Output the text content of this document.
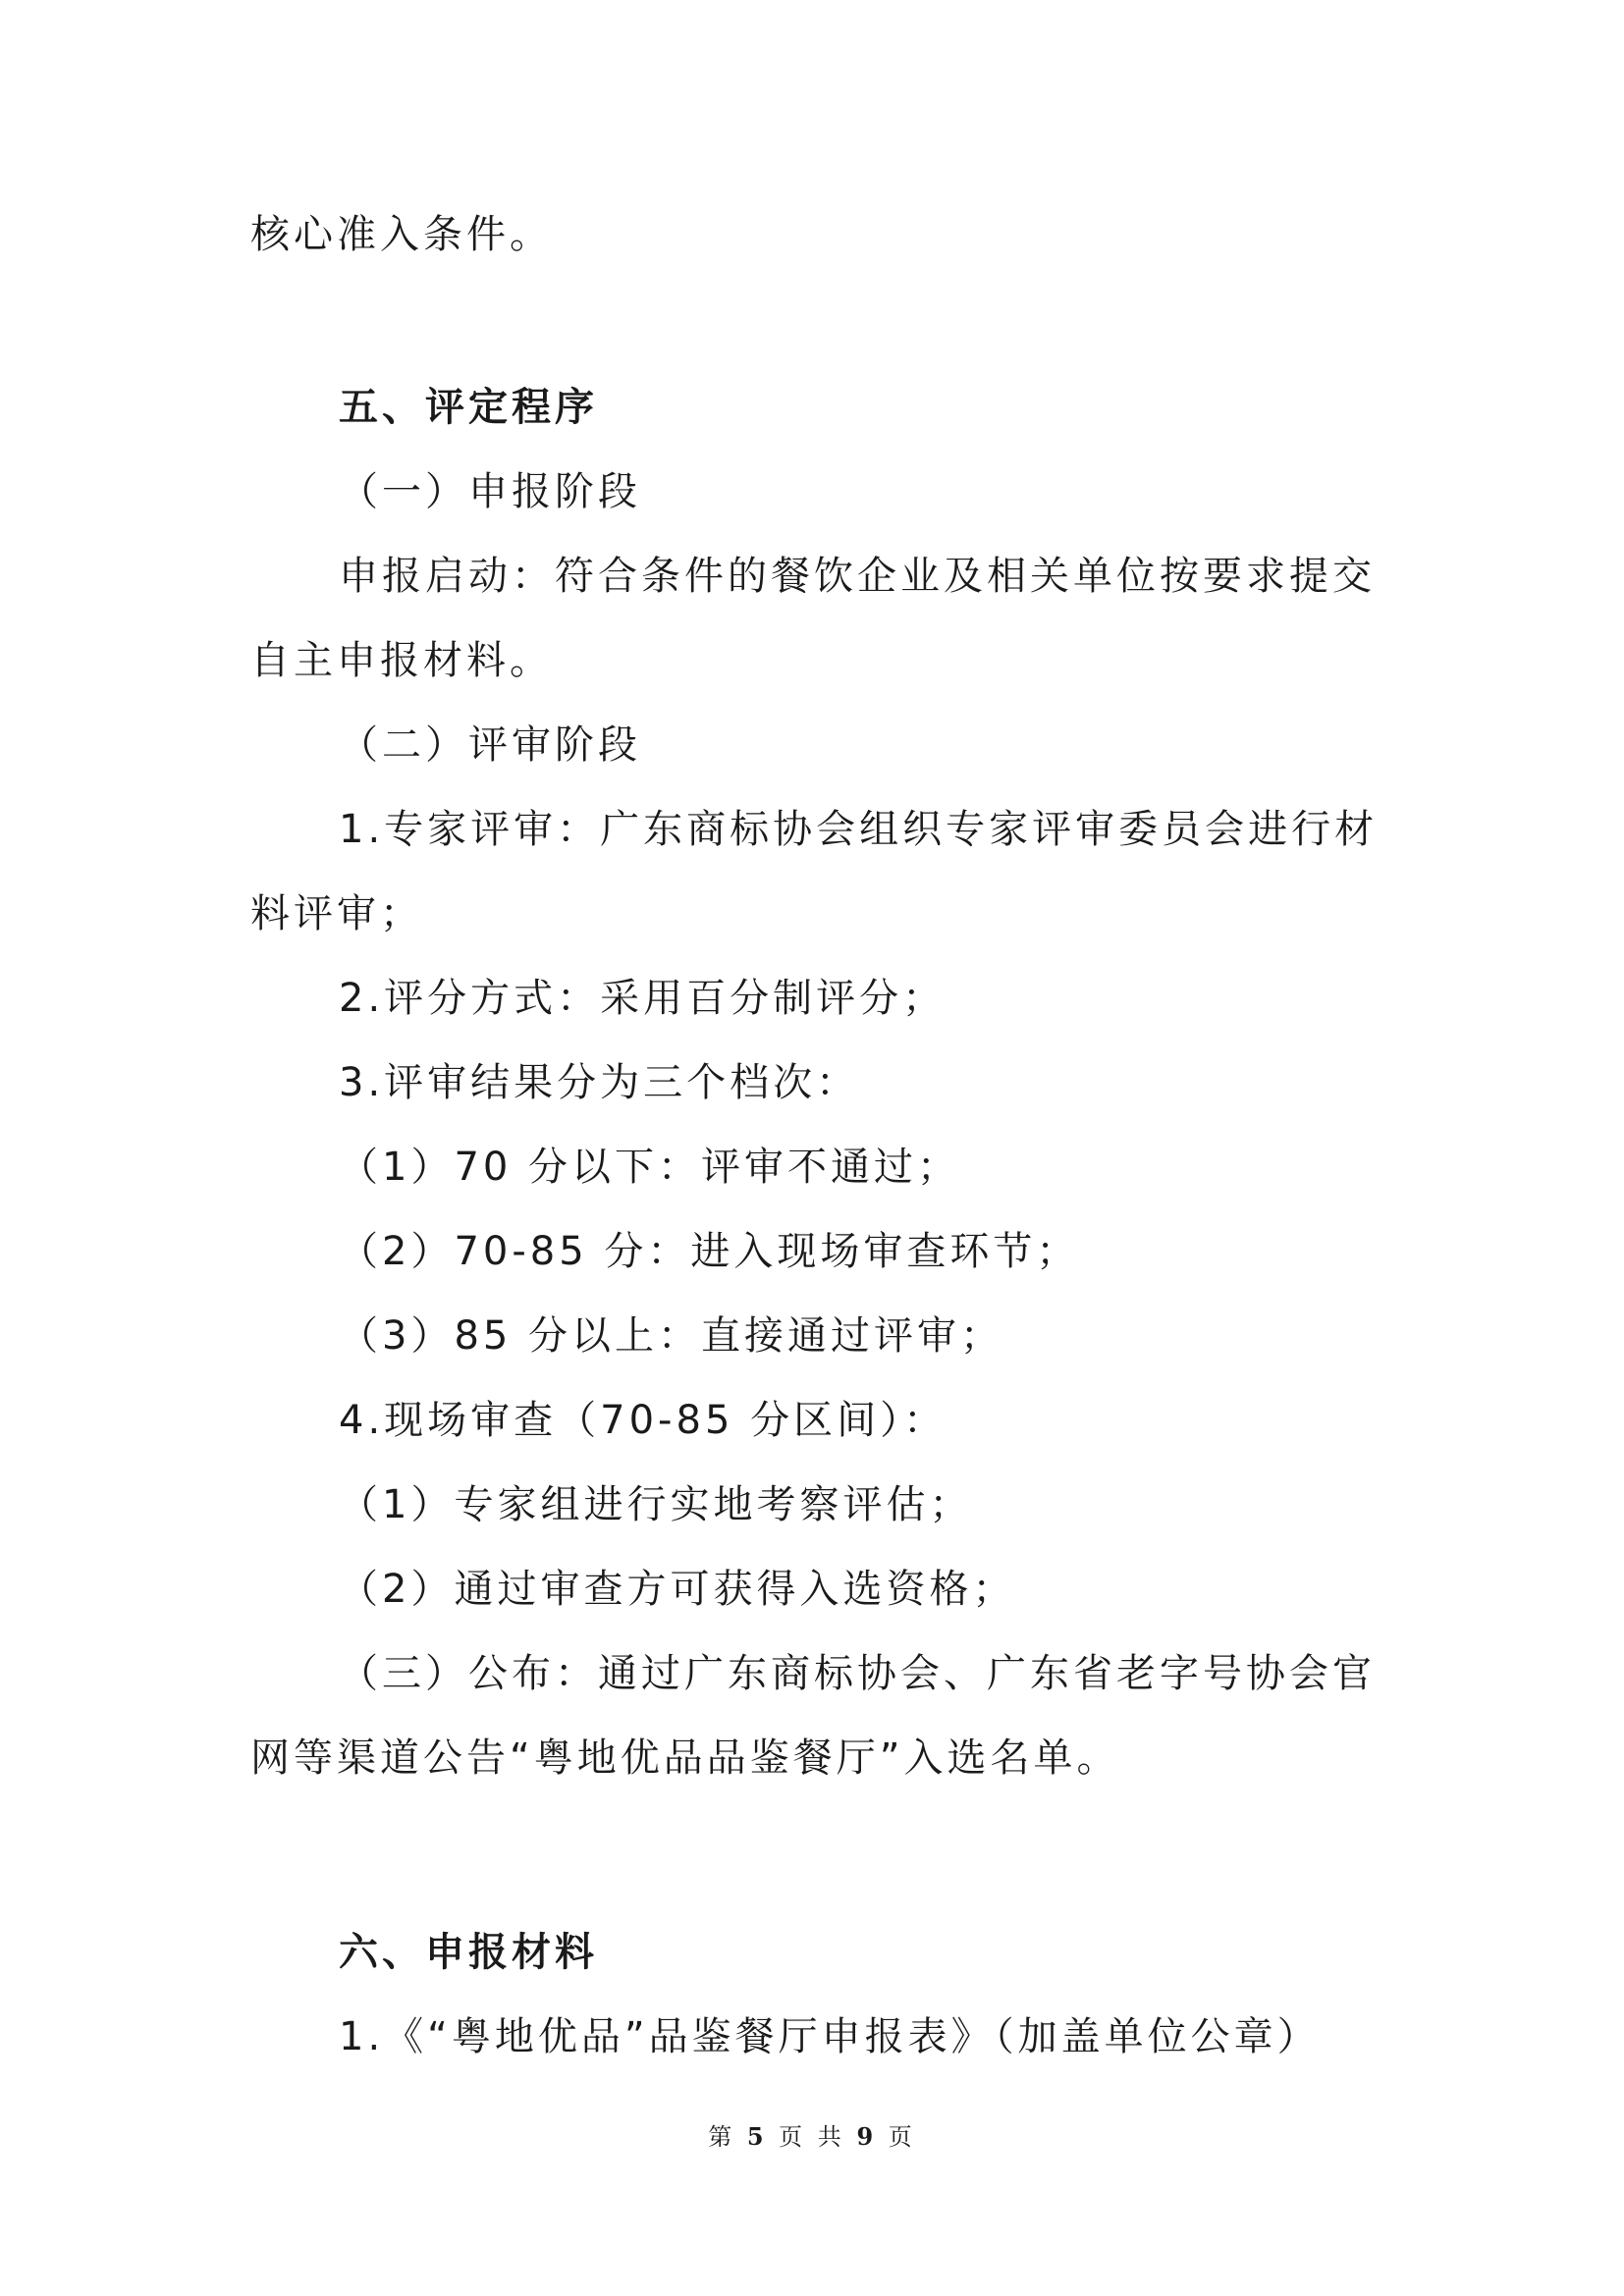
核心准入条件。
五、评定程序
（一）申报阶段
申报启动：符合条件的餐饮企业及相关单位按要求提交
自主申报材料。
（二）评审阶段
1.专家评审：广东商标协会组织专家评审委员会进行材
料评审；
2.评分方式：采用百分制评分；
3.评审结果分为三个档次：
（1）70 分以下：评审不通过；
（2）70-85 分：进入现场审查环节；
（3）85 分以上：直接通过评审；
4.现场审查（70-85 分区间）：
（1）专家组进行实地考察评估；
（2）通过审查方可获得入选资格；
（三）公布：通过广东商标协会、广东省老字号协会官
网等渠道公告“粤地优品品鉴餐厅”入选名单。
六、申报材料
1.《“粤地优品”品鉴餐厅申报表》（加盖单位公章）
第 5 页 共 9 页
